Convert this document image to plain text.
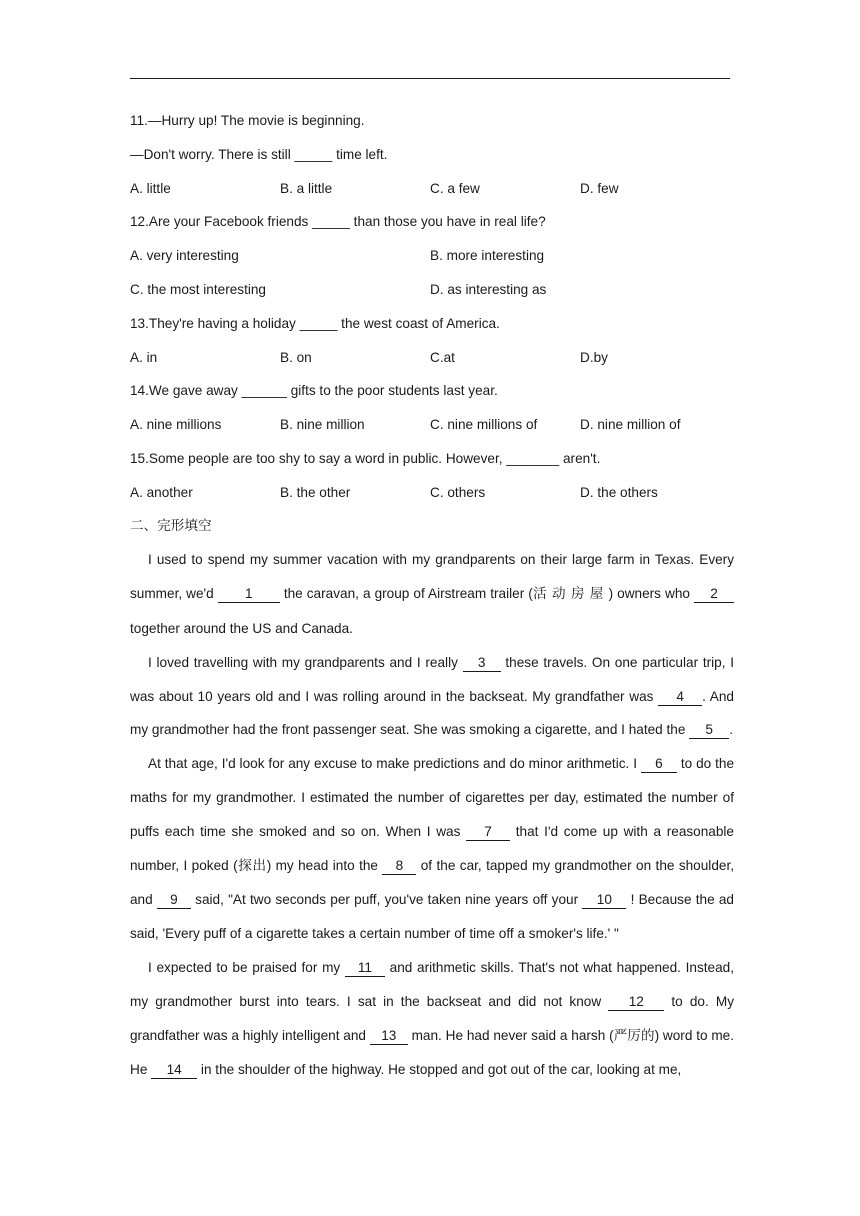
11.—Hurry up! The movie is beginning.
—Don't worry. There is still _____ time left.
A. little	B. a little	C. a few	D. few
12.Are your Facebook friends _____ than those you have in real life?
A. very interesting	B. more interesting
C. the most interesting	D. as interesting as
13.They're having a holiday _____ the west coast of America.
A. in	B. on	C.at	D.by
14.We gave away ______ gifts to the poor students last year.
A. nine millions	B. nine million	C. nine millions of	D. nine million of
15.Some people are too shy to say a word in public. However, _______ aren't.
A. another	B. the other	C. others	D. the others
二、完形填空

I used to spend my summer vacation with my grandparents on their large farm in Texas. Every summer, we'd 1 the caravan, a group of Airstream trailer (活动房屋) owners who 2 together around the US and Canada.

I loved travelling with my grandparents and I really 3 these travels. On one particular trip, I was about 10 years old and I was rolling around in the backseat. My grandfather was 4 . And my grandmother had the front passenger seat. She was smoking a cigarette, and I hated the 5 .

At that age, I'd look for any excuse to make predictions and do minor arithmetic. I 6 to do the maths for my grandmother. I estimated the number of cigarettes per day, estimated the number of puffs each time she smoked and so on. When I was 7 that I'd come up with a reasonable number, I poked (探出) my head into the 8 of the car, tapped my grandmother on the shoulder, and 9 said, "At two seconds per puff, you've taken nine years off your 10 ! Because the ad said, 'Every puff of a cigarette takes a certain number of time off a smoker's life.' "

I expected to be praised for my 11 and arithmetic skills. That's not what happened. Instead, my grandmother burst into tears. I sat in the backseat and did not know 12 to do. My grandfather was a highly intelligent and 13 man. He had never said a harsh (严厉的) word to me. He 14 in the shoulder of the highway. He stopped and got out of the car, looking at me,
